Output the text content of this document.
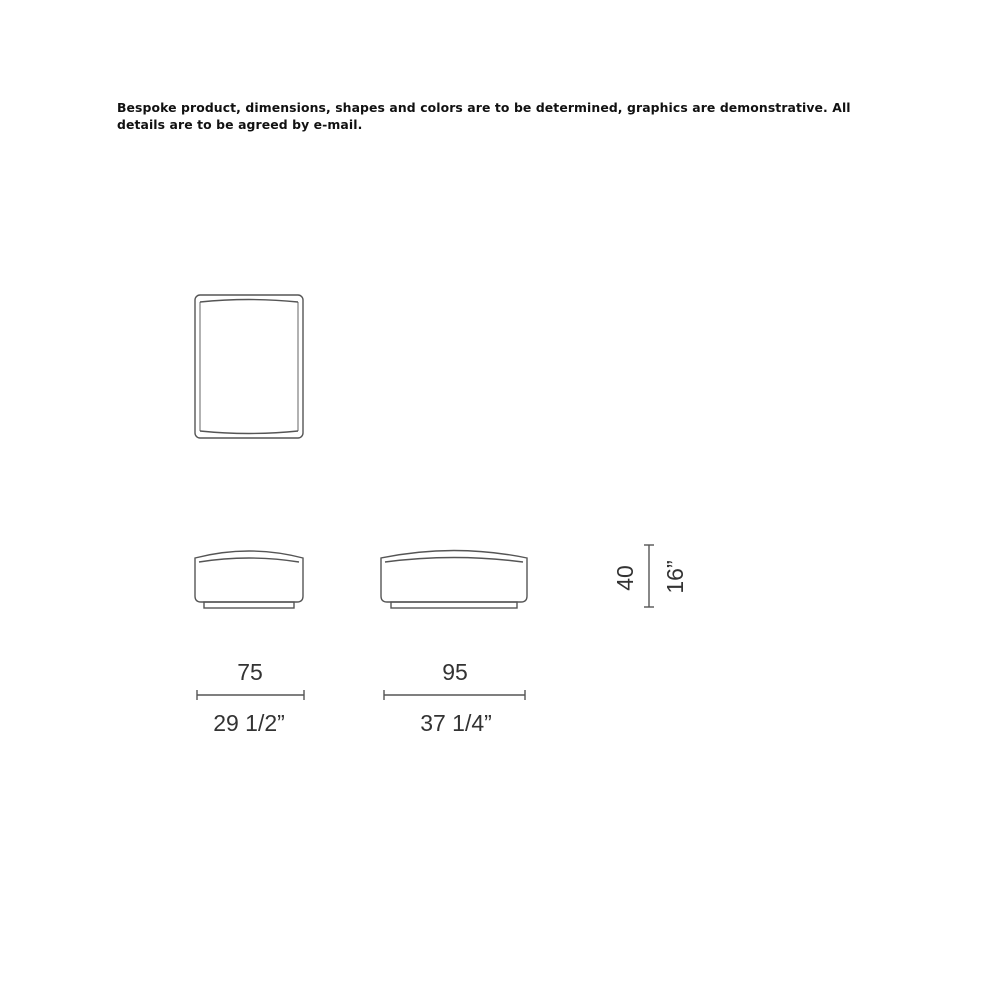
Bespoke product, dimensions, shapes and colors are to be determined, graphics are demonstrative. All details are to be agreed by e-mail.
40 16”
75
29 1/2”
95
37 1/4”
